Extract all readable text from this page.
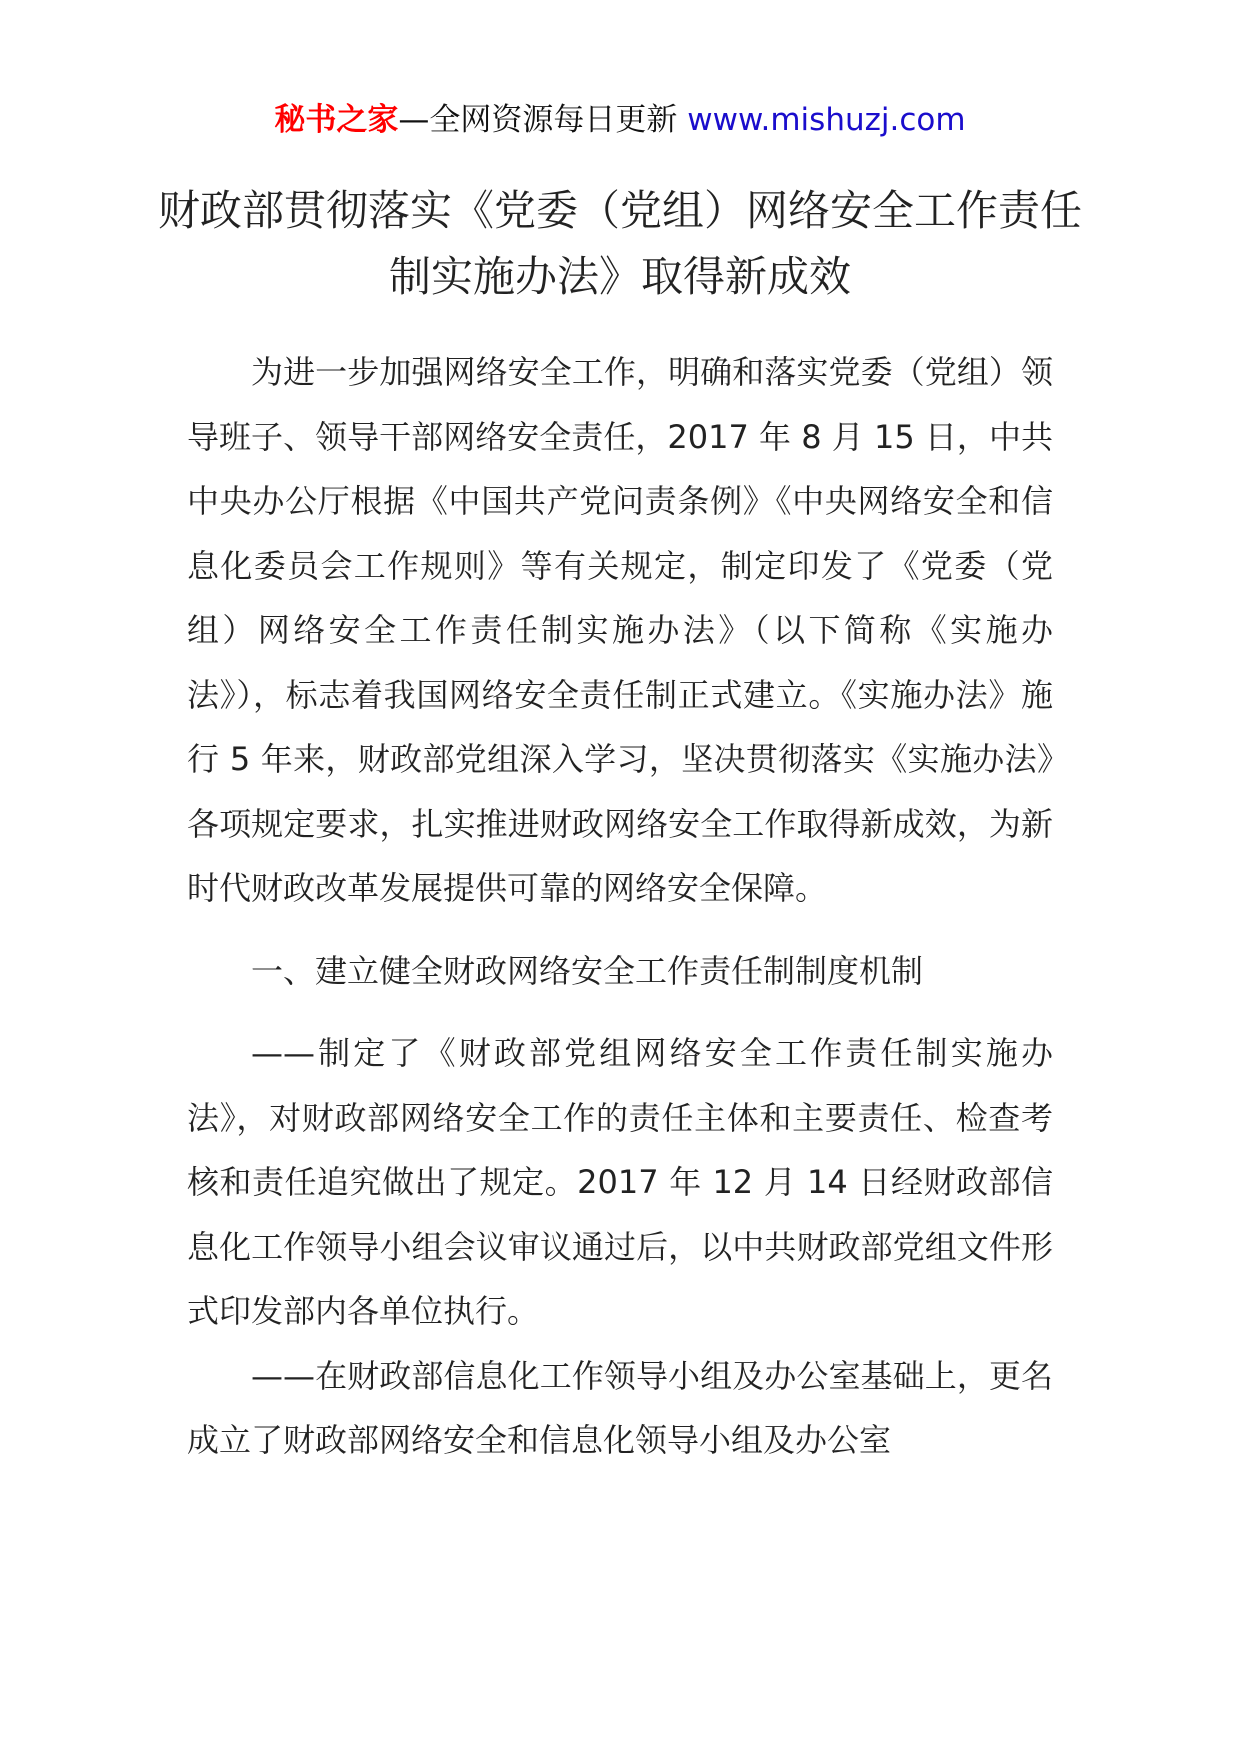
秘书之家—全网资源每日更新 www.mishuzj.com
财政部贯彻落实《党委（党组）网络安全工作责任制实施办法》取得新成效

为进一步加强网络安全工作，明确和落实党委（党组）领导班子、领导干部网络安全责任，2017 年 8 月 15 日，中共中央办公厅根据《中国共产党问责条例》《中央网络安全和信息化委员会工作规则》等有关规定，制定印发了《党委（党组）网络安全工作责任制实施办法》（以下简称《实施办法》），标志着我国网络安全责任制正式建立。《实施办法》施行 5 年来，财政部党组深入学习，坚决贯彻落实《实施办法》各项规定要求，扎实推进财政网络安全工作取得新成效，为新时代财政改革发展提供可靠的网络安全保障。

一、建立健全财政网络安全工作责任制制度机制

——制定了《财政部党组网络安全工作责任制实施办法》，对财政部网络安全工作的责任主体和主要责任、检查考核和责任追究做出了规定。2017 年 12 月 14 日经财政部信息化工作领导小组会议审议通过后，以中共财政部党组文件形式印发部内各单位执行。

——在财政部信息化工作领导小组及办公室基础上，更名成立了财政部网络安全和信息化领导小组及办公室
